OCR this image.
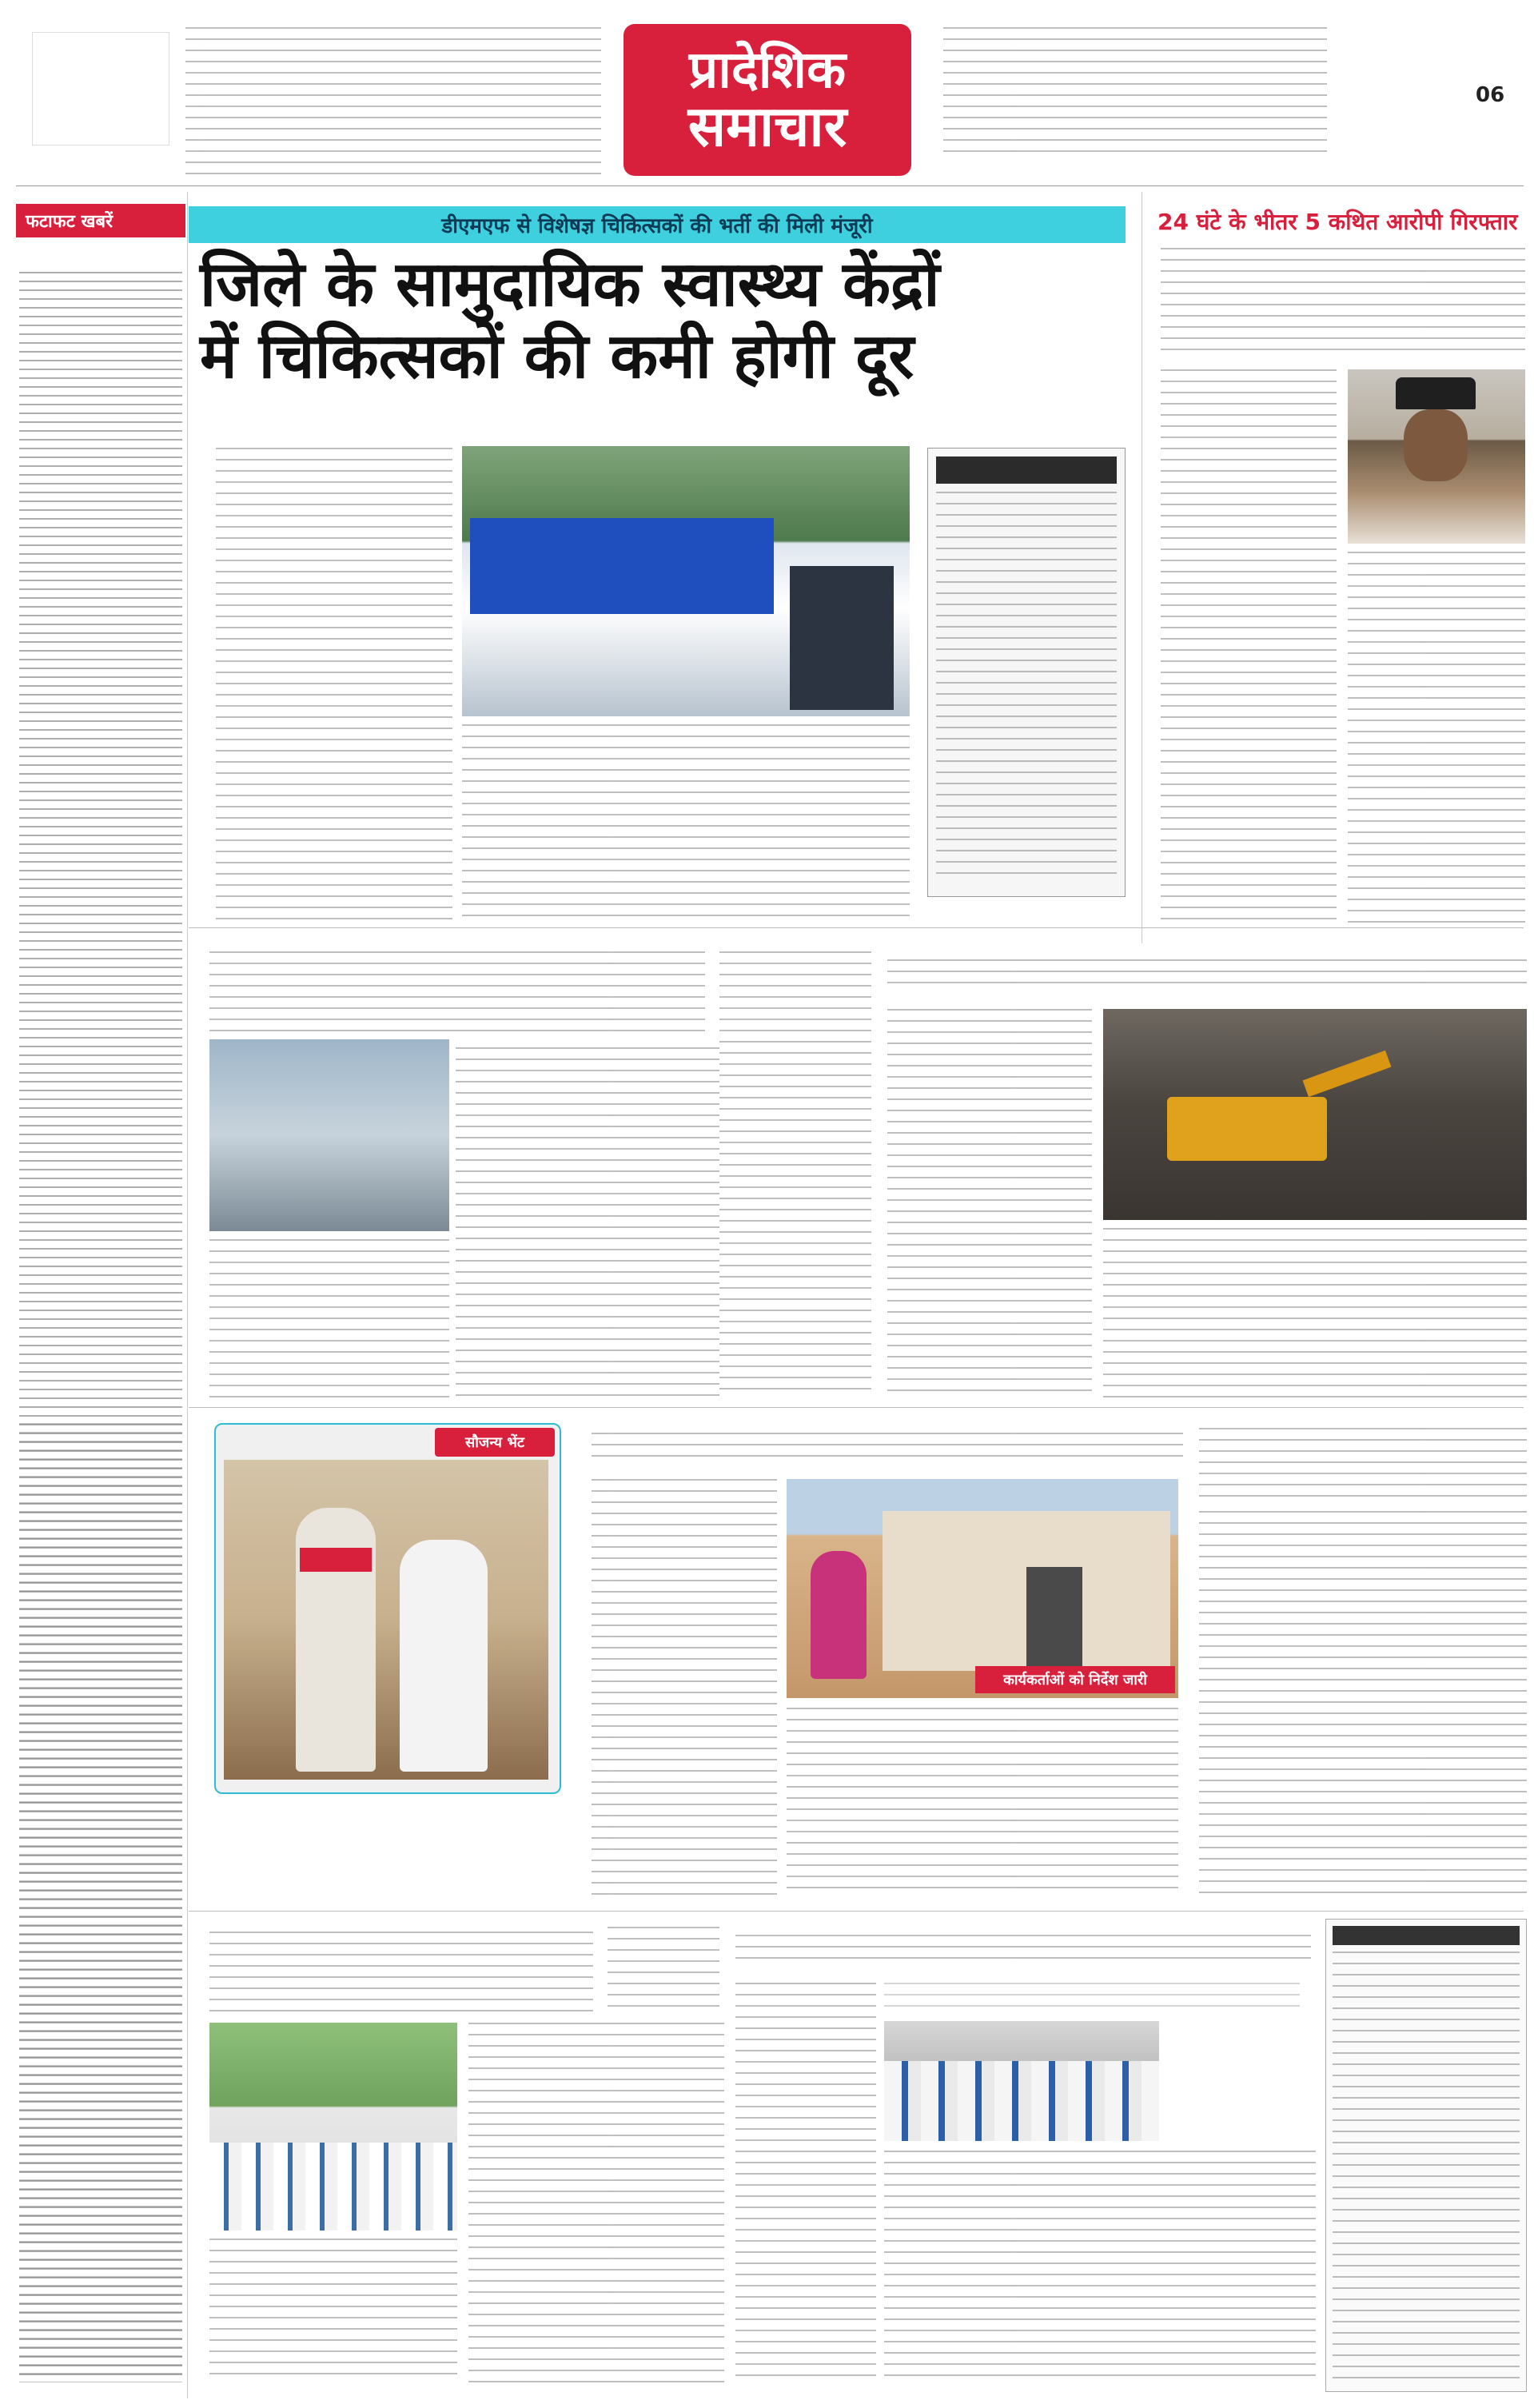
प्रादेशिक
समाचार	06
फटाफट खबरें	डीएमएफ से विशेषज्ञ चिकित्सकों की भर्ती की मिली मंजूरी
जिले के सामुदायिक स्वास्थ्य केंद्रों
में चिकित्सकों की कमी होगी दूर
24 घंटे के भीतर 5 कथित आरोपी गिरफ्तार
सौजन्य भेंट
कार्यकर्ताओं को निर्देश जारी
